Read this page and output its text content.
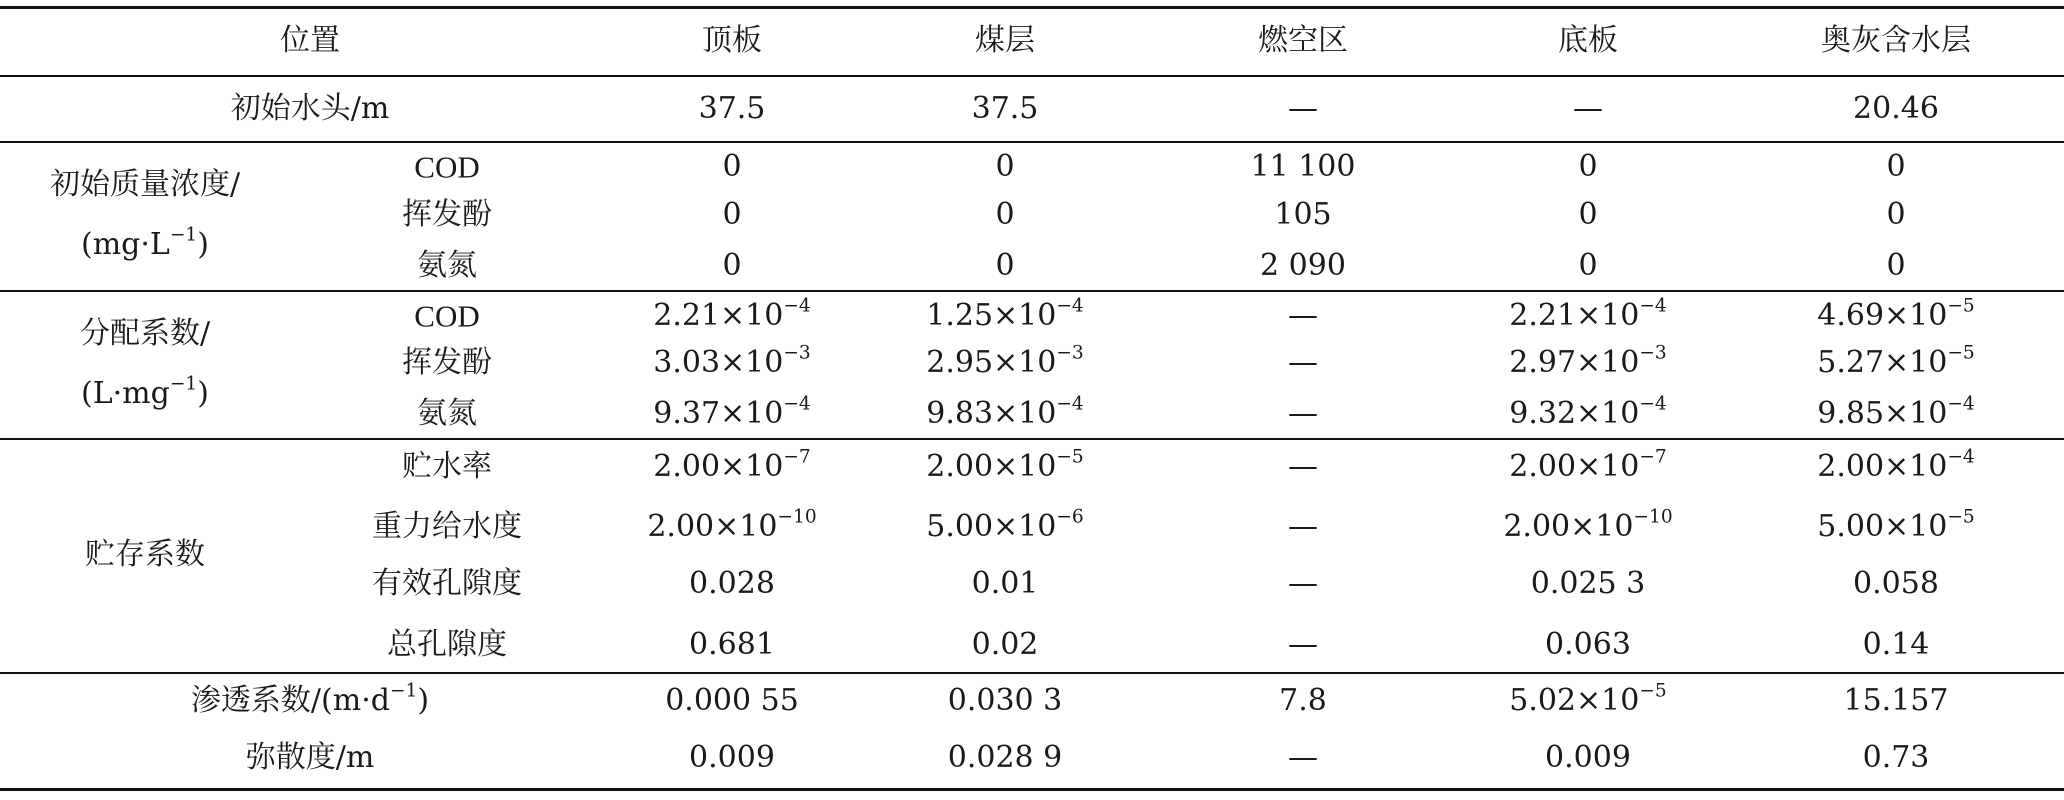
位置	顶板	煤层	燃空区	底板	奥灰含水层
初始水头/m	37.5	37.5	—	—	20.46
初始质量浓度/
$(mg\cdot L^{-1})$
COD	0	0	11 100	0	0
挥发酚	0	0	105	0	0
氨氮	0	0	2 090	0	0
分配系数/
$(L\cdot mg^{-1})$
COD	$2.21\times 10^{-4}$	$1.25\times 10^{-4}$	—	$2.21\times 10^{-4}$	$4.69\times 10^{-5}$
挥发酚	$3.03\times 10^{-3}$	$2.95\times 10^{-3}$	—	$2.97\times 10^{-3}$	$5.27\times 10^{-5}$
氨氮	$9.37\times 10^{-4}$	$9.83\times 10^{-4}$	—	$9.32\times 10^{-4}$	$9.85\times 10^{-4}$
贮存系数
贮水率	$2.00\times 10^{-7}$	$2.00\times 10^{-5}$	—	$2.00\times 10^{-7}$	$2.00\times 10^{-4}$
重力给水度	$2.00\times 10^{-10}$	$5.00\times 10^{-6}$	—	$2.00\times 10^{-10}$	$5.00\times 10^{-5}$
有效孔隙度	0.028	0.01	—	0.025 3	0.058
总孔隙度	0.681	0.02	—	0.063	0.14
渗透系数$/(m\cdot d^{-1})$	0.000 55	0.030 3	7.8	$5.02\times 10^{-5}$	15.157
弥散度/m	0.009	0.028 9	—	0.009	0.73
